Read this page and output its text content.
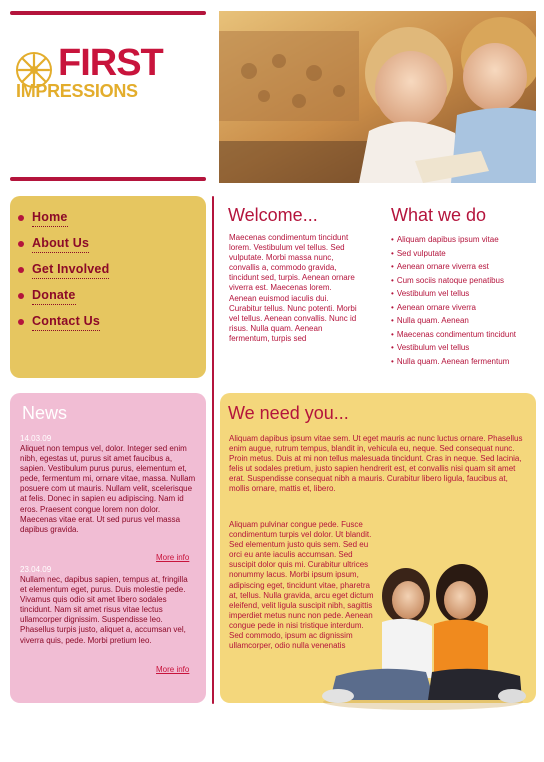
FIRST
IMPRESSIONS
Home
About Us
Get Involved
Donate
Contact Us
Welcome...
Maecenas condimentum tincidunt lorem. Vestibulum vel tellus. Sed vulputate. Morbi massa nunc, convallis a, commodo gravida, tincidunt sed, turpis. Aenean ornare viverra est. Maecenas lorem. Aenean euismod iaculis dui. Curabitur tellus. Nunc potenti. Morbi vel tellus. Aenean convallis. Nunc id risus. Nulla quam. Aenean fermentum, turpis sed
What we do
• Aliquam dapibus ipsum vitae
• Sed vulputate
• Aenean ornare viverra est
• Cum sociis natoque penatibus
• Vestibulum vel tellus
• Aenean ornare viverra
• Nulla quam. Aenean
• Maecenas condimentum tincidunt
• Vestibulum vel tellus
• Nulla quam. Aenean fermentum
News
14.03.09
Aliquet non tempus vel, dolor. Integer sed enim nibh, egestas ut, purus sit amet faucibus a, sapien. Vestibulum purus purus, elementum et, pede, fermentum mi, ornare vitae, massa. Nullam posuere com ut mauris. Nullam velit, scelerisque at felis. Donec in sapien eu adipiscing. Nam id eros. Praesent congue lorem non dolor. Maecenas vitae erat. Ut sed purus vel massa dapibus gravida.
More info
23.04.09
Nullam nec, dapibus sapien, tempus at, fringilla et elementum eget, purus. Duis molestie pede. Vivamus quis odio sit amet libero sodales tincidunt. Nam sit amet risus vitae lectus ullamcorper dignissim. Suspendisse leo. Phasellus turpis justo, aliquet a, accumsan vel, viverra quis, pede. Morbi pretium leo.
More info
We need you...
Aliquam dapibus ipsum vitae sem. Ut eget mauris ac nunc luctus ornare. Phasellus enim augue, rutrum tempus, blandit in, vehicula eu, neque. Sed consequat nunc. Proin metus. Duis at mi non tellus malesuada tincidunt. Cras in neque. Sed lacinia, felis ut sodales pretium, justo sapien hendrerit est, et convallis nisi quam sit amet erat. Suspendisse consequat nibh a mauris. Curabitur libero ligula, faucibus at, mollis ornare, mattis et, libero.
Aliquam pulvinar congue pede. Fusce condimentum turpis vel dolor. Ut blandit. Sed elementum justo quis sem. Sed eu orci eu ante iaculis accumsan. Sed suscipit dolor quis mi. Curabitur ultrices nonummy lacus. Morbi ipsum ipsum, adipiscing eget, tincidunt vitae, pharetra at, tellus. Nulla gravida, arcu eget dictum eleifend, velit ligula suscipit nibh, sagittis imperdiet metus nunc non pede. Aenean congue pede in nisi tristique interdum. Sed commodo, ipsum ac dignissim ullamcorper, odio nulla venenatis
